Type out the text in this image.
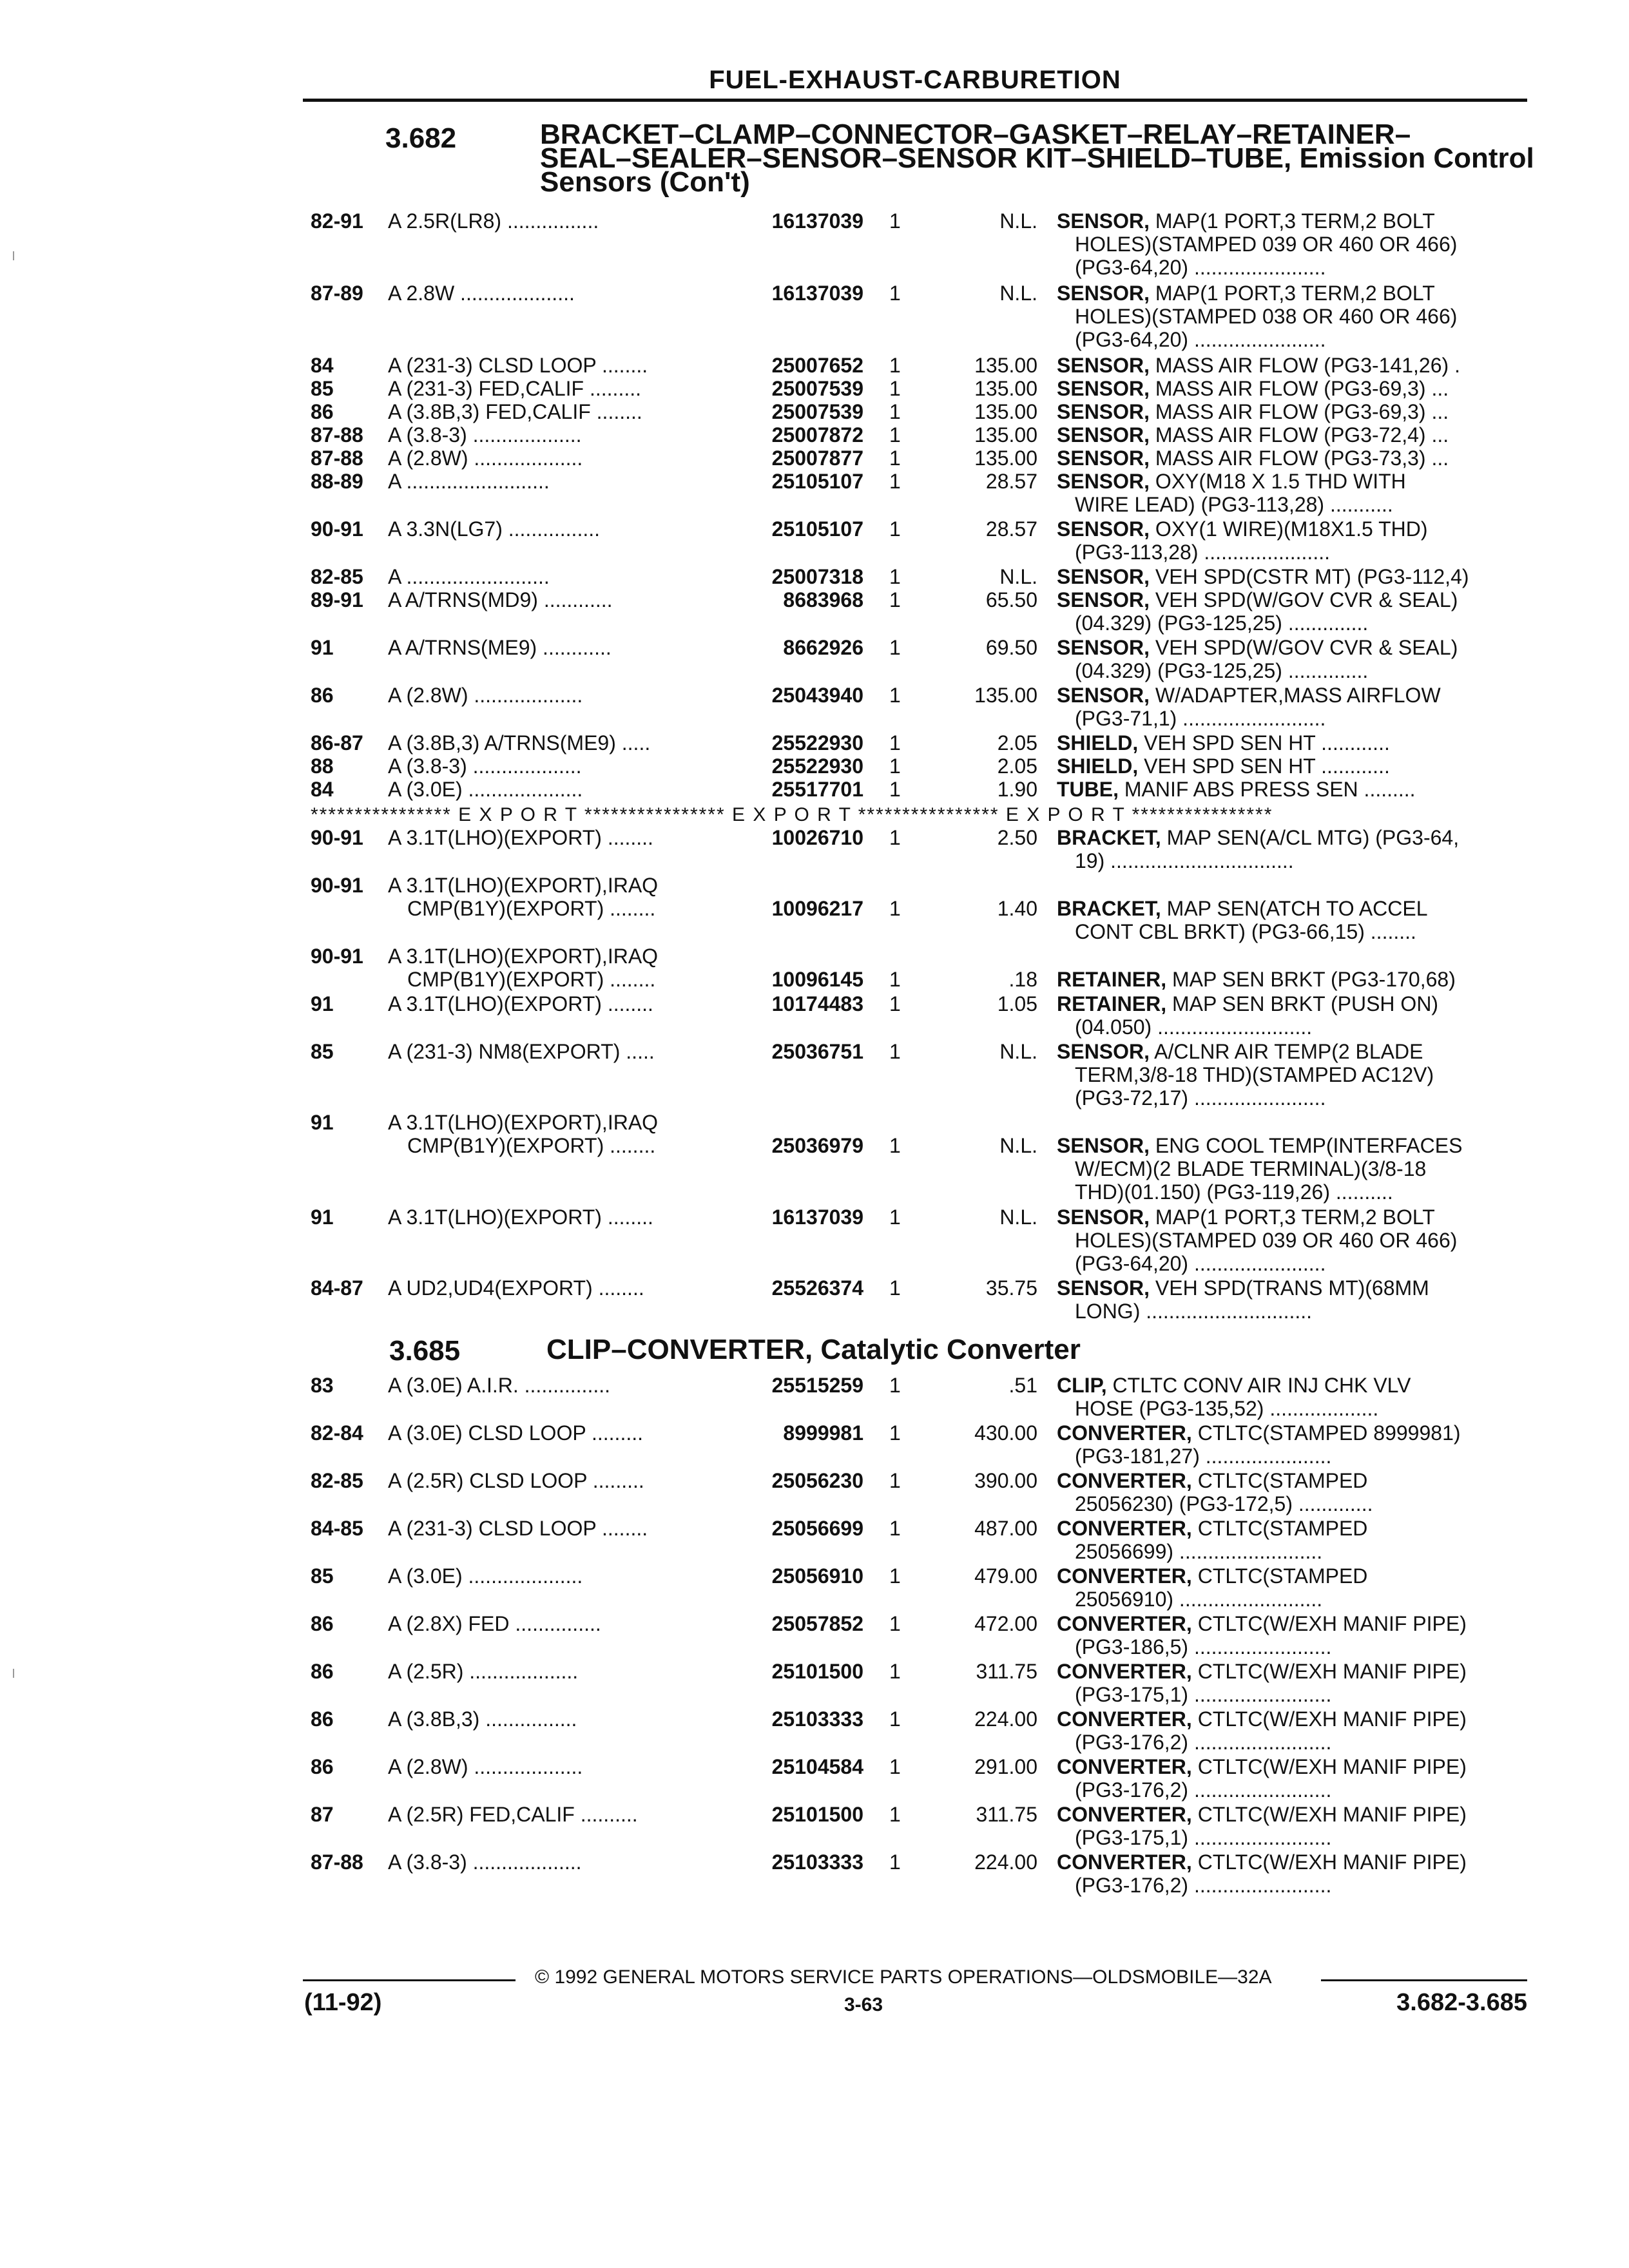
FUEL-EXHAUST-CARBURETION
3.682	BRACKET–CLAMP–CONNECTOR–GASKET–RELAY–RETAINER–
SEAL–SEALER–SENSOR–SENSOR KIT–SHIELD–TUBE, Emission Control
Sensors (Con't)
82-91 A 2.5R(LR8) ................	16137039 1	N.L. SENSOR, MAP(1 PORT,3 TERM,2 BOLT
HOLES)(STAMPED 039 OR 460 OR 466)
(PG3-64,20) .......................
87-89 A 2.8W ....................	16137039 1	N.L. SENSOR, MAP(1 PORT,3 TERM,2 BOLT
HOLES)(STAMPED 038 OR 460 OR 466)
(PG3-64,20) .......................
84	A (231-3) CLSD LOOP ........	25007652 1	135.00 SENSOR, MASS AIR FLOW (PG3-141,26) .
85	A (231-3) FED,CALIF .........	25007539 1	135.00 SENSOR, MASS AIR FLOW (PG3-69,3) ...
86	A (3.8B,3) FED,CALIF ........	25007539 1	135.00 SENSOR, MASS AIR FLOW (PG3-69,3) ...
87-88 A (3.8-3) ...................	25007872 1	135.00 SENSOR, MASS AIR FLOW (PG3-72,4) ...
87-88 A (2.8W) ...................	25007877 1	135.00 SENSOR, MASS AIR FLOW (PG3-73,3) ...
88-89 A .........................	25105107 1	28.57 SENSOR, OXY(M18 X 1.5 THD WITH
WIRE LEAD) (PG3-113,28) ...........
90-91 A 3.3N(LG7) ................	25105107 1	28.57 SENSOR, OXY(1 WIRE)(M18X1.5 THD)
(PG3-113,28) ......................
82-85 A .........................	25007318 1	N.L. SENSOR, VEH SPD(CSTR MT) (PG3-112,4)
89-91 A A/TRNS(MD9) ............	8683968 1	65.50 SENSOR, VEH SPD(W/GOV CVR & SEAL)
(04.329) (PG3-125,25) ..............
91	A A/TRNS(ME9) ............	8662926 1	69.50 SENSOR, VEH SPD(W/GOV CVR & SEAL)
(04.329) (PG3-125,25) ..............
86	A (2.8W) ...................	25043940 1	135.00 SENSOR, W/ADAPTER,MASS AIRFLOW
(PG3-71,1) .........................
86-87 A (3.8B,3) A/TRNS(ME9) .....	25522930 1	2.05 SHIELD, VEH SPD SEN HT ............
88	A (3.8-3) ...................	25522930 1	2.05 SHIELD, VEH SPD SEN HT ............
84	A (3.0E) ....................	25517701 1	1.90 TUBE, MANIF ABS PRESS SEN .........
**************** E X P O R T **************** E X P O R T **************** E X P O R T ****************
90-91 A 3.1T(LHO)(EXPORT) ........	10026710 1	2.50 BRACKET, MAP SEN(A/CL MTG) (PG3-64,
19) ................................
90-91 A 3.1T(LHO)(EXPORT),IRAQ
CMP(B1Y)(EXPORT) ........	10096217 1	1.40 BRACKET, MAP SEN(ATCH TO ACCEL
CONT CBL BRKT) (PG3-66,15) ........
90-91 A 3.1T(LHO)(EXPORT),IRAQ
CMP(B1Y)(EXPORT) ........	10096145 1	.18 RETAINER, MAP SEN BRKT (PG3-170,68)
91	A 3.1T(LHO)(EXPORT) ........	10174483 1	1.05 RETAINER, MAP SEN BRKT (PUSH ON)
(04.050) ...........................
85	A (231-3) NM8(EXPORT) .....	25036751 1	N.L. SENSOR, A/CLNR AIR TEMP(2 BLADE
TERM,3/8-18 THD)(STAMPED AC12V)
(PG3-72,17) .......................
91	A 3.1T(LHO)(EXPORT),IRAQ
CMP(B1Y)(EXPORT) ........	25036979 1	N.L. SENSOR, ENG COOL TEMP(INTERFACES
W/ECM)(2 BLADE TERMINAL)(3/8-18
THD)(01.150) (PG3-119,26) ..........
91	A 3.1T(LHO)(EXPORT) ........	16137039 1	N.L. SENSOR, MAP(1 PORT,3 TERM,2 BOLT
HOLES)(STAMPED 039 OR 460 OR 466)
(PG3-64,20) .......................
84-87 A UD2,UD4(EXPORT) ........	25526374 1	35.75 SENSOR, VEH SPD(TRANS MT)(68MM
LONG) .............................
3.685	CLIP–CONVERTER, Catalytic Converter
83	A (3.0E) A.I.R. ...............	25515259 1	.51 CLIP, CTLTC CONV AIR INJ CHK VLV
HOSE (PG3-135,52) ...................
82-84 A (3.0E) CLSD LOOP .........	8999981 1	430.00 CONVERTER, CTLTC(STAMPED 8999981)
(PG3-181,27) ......................
82-85 A (2.5R) CLSD LOOP .........	25056230 1	390.00 CONVERTER, CTLTC(STAMPED
25056230) (PG3-172,5) .............
84-85 A (231-3) CLSD LOOP ........	25056699 1	487.00 CONVERTER, CTLTC(STAMPED
25056699) .........................
85	A (3.0E) ....................	25056910 1	479.00 CONVERTER, CTLTC(STAMPED
25056910) .........................
86	A (2.8X) FED ...............	25057852 1	472.00 CONVERTER, CTLTC(W/EXH MANIF PIPE)
(PG3-186,5) ........................
86	A (2.5R) ...................	25101500 1	311.75 CONVERTER, CTLTC(W/EXH MANIF PIPE)
(PG3-175,1) ........................
86	A (3.8B,3) ................	25103333 1	224.00 CONVERTER, CTLTC(W/EXH MANIF PIPE)
(PG3-176,2) ........................
86	A (2.8W) ...................	25104584 1	291.00 CONVERTER, CTLTC(W/EXH MANIF PIPE)
(PG3-176,2) ........................
87	A (2.5R) FED,CALIF ..........	25101500 1	311.75 CONVERTER, CTLTC(W/EXH MANIF PIPE)
(PG3-175,1) ........................
87-88 A (3.8-3) ...................	25103333 1	224.00 CONVERTER, CTLTC(W/EXH MANIF PIPE)
(PG3-176,2) ........................
© 1992 GENERAL MOTORS SERVICE PARTS OPERATIONS—OLDSMOBILE—32A
(11-92)	3-63	3.682-3.685
